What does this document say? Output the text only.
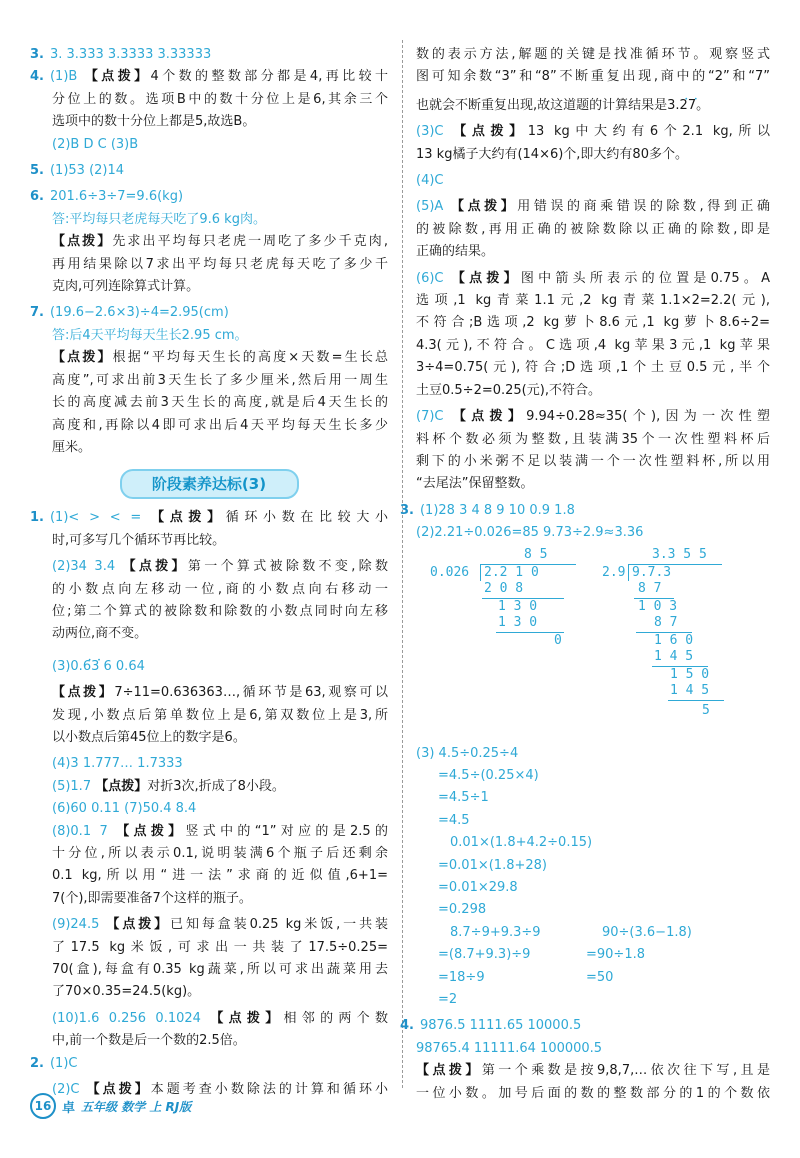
3. 3. 3.333 3.3333 3.33333

4. (1)B 【点拨】4个数的整数部分都是4,再比较十

分位上的数。选项B中的数十分位上是6,其余三个

选项中的数十分位上都是5,故选B。

(2)B D C (3)B

5. (1)53 (2)14

6. 201.6÷3÷7=9.6(kg)

答:平均每只老虎每天吃了9.6 kg肉。

【点拨】先求出平均每只老虎一周吃了多少千克肉,

再用结果除以7求出平均每只老虎每天吃了多少千

克肉,可列连除算式计算。

7. (19.6−2.6×3)÷4=2.95(cm)

答:后4天平均每天生长2.95 cm。

【点拨】根据“平均每天生长的高度×天数=生长总

高度”,可求出前3天生长了多少厘米,然后用一周生

长的高度减去前3天生长的高度,就是后4天生长的

高度和,再除以4即可求出后4天平均每天生长多少

厘米。

阶段素养达标(3)

1. (1)< > < = 【点拨】循环小数在比较大小

时,可多写几个循环节再比较。

(2)34 3.4 【点拨】第一个算式被除数不变,除数

的小数点向左移动一位,商的小数点向右移动一

位;第二个算式的被除数和除数的小数点同时向左移

动两位,商不变。

(3)0.• • 63 6 0.64

【点拨】7÷11=0.636363…,循环节是63,观察可以

发现,小数点后第单数位上是6,第双数位上是3,所

以小数点后第45位上的数字是6。

(4)3 1.777… 1.7333

(5)1.7 【点拨】对折3次,折成了8小段。

(6)60 0.11 (7)50.4 8.4

(8)0.1 7 【点拨】竖式中的“1”对应的是2.5的

十分位,所以表示0.1,说明装满6个瓶子后还剩余

0.1 kg,所以用“进一法”求商的近似值,6+1=

7(个),即需要准备7个这样的瓶子。

(9)24.5 【点拨】已知每盒装0.25 kg米饭,一共装

了17.5 kg米饭,可求出一共装了17.5÷0.25=

70(盒),每盒有0.35 kg蔬菜,所以可求出蔬菜用去

了70×0.35=24.5(kg)。

(10)1.6 0.256 0.1024 【点拨】相邻的两个数

中,前一个数是后一个数的2.5倍。

2. (1)C

(2)C 【点拨】本题考查小数除法的计算和循环小

数的表示方法,解题的关键是找准循环节。观察竖式

图可知余数“3”和“8”不断重复出现,商中的“2”和“7”

也就会不断重复出现,故这道题的计算结果是3.• • 27。

(3)C 【点拨】13 kg中大约有6个2.1 kg,所以

13 kg橘子大约有(14×6)个,即大约有80多个。

(4)C

(5)A 【点拨】用错误的商乘错误的除数,得到正确

的被除数,再用正确的被除数除以正确的除数,即是

正确的结果。

(6)C 【点拨】图中箭头所表示的位置是0.75。A

选项,1 kg青菜1.1元,2 kg青菜1.1×2=2.2(元),

不符合;B选项,2 kg萝卜8.6元,1 kg萝卜8.6÷2=

4.3(元),不符合。C选项,4 kg苹果3元,1 kg苹果

3÷4=0.75(元),符合;D选项,1个土豆0.5元,半个

土豆0.5÷2=0.25(元),不符合。

(7)C 【点拨】9.94÷0.28≈35(个),因为一次性塑

料杯个数必须为整数,且装满35个一次性塑料杯后

剩下的小米粥不足以装满一个一次性塑料杯,所以用

“去尾法”保留整数。

3. (1)28 3 4 8 9 10 0.9 1.8

(2)2.21÷0.026=85 9.73÷2.9≈3.36

8 5
0.026 2.2 1 0
2 0 8
1 3 0
1 3 0
0
3.3 5 5
2.9 9.7.3
8 7
1 0 3
8 7
1 6 0
1 4 5
1 5 0
1 4 5
5

(3) 4.5÷0.25÷4

=4.5÷(0.25×4)

=4.5÷1

=4.5

0.01×(1.8+4.2÷0.15)

=0.01×(1.8+28)

=0.01×29.8

=0.298

8.7÷9+9.3÷9

=(8.7+9.3)÷9

=18÷9

=2

90÷(3.6−1.8)

=90÷1.8

=50

4. 9876.5 1111.65 10000.5

98765.4 11111.64 100000.5

【点拨】第一个乘数是按9,8,7,…依次往下写,且是

一位小数。加号后面的数的整数部分的1的个数依

16 卓 五年级 数学 上 RJ版
